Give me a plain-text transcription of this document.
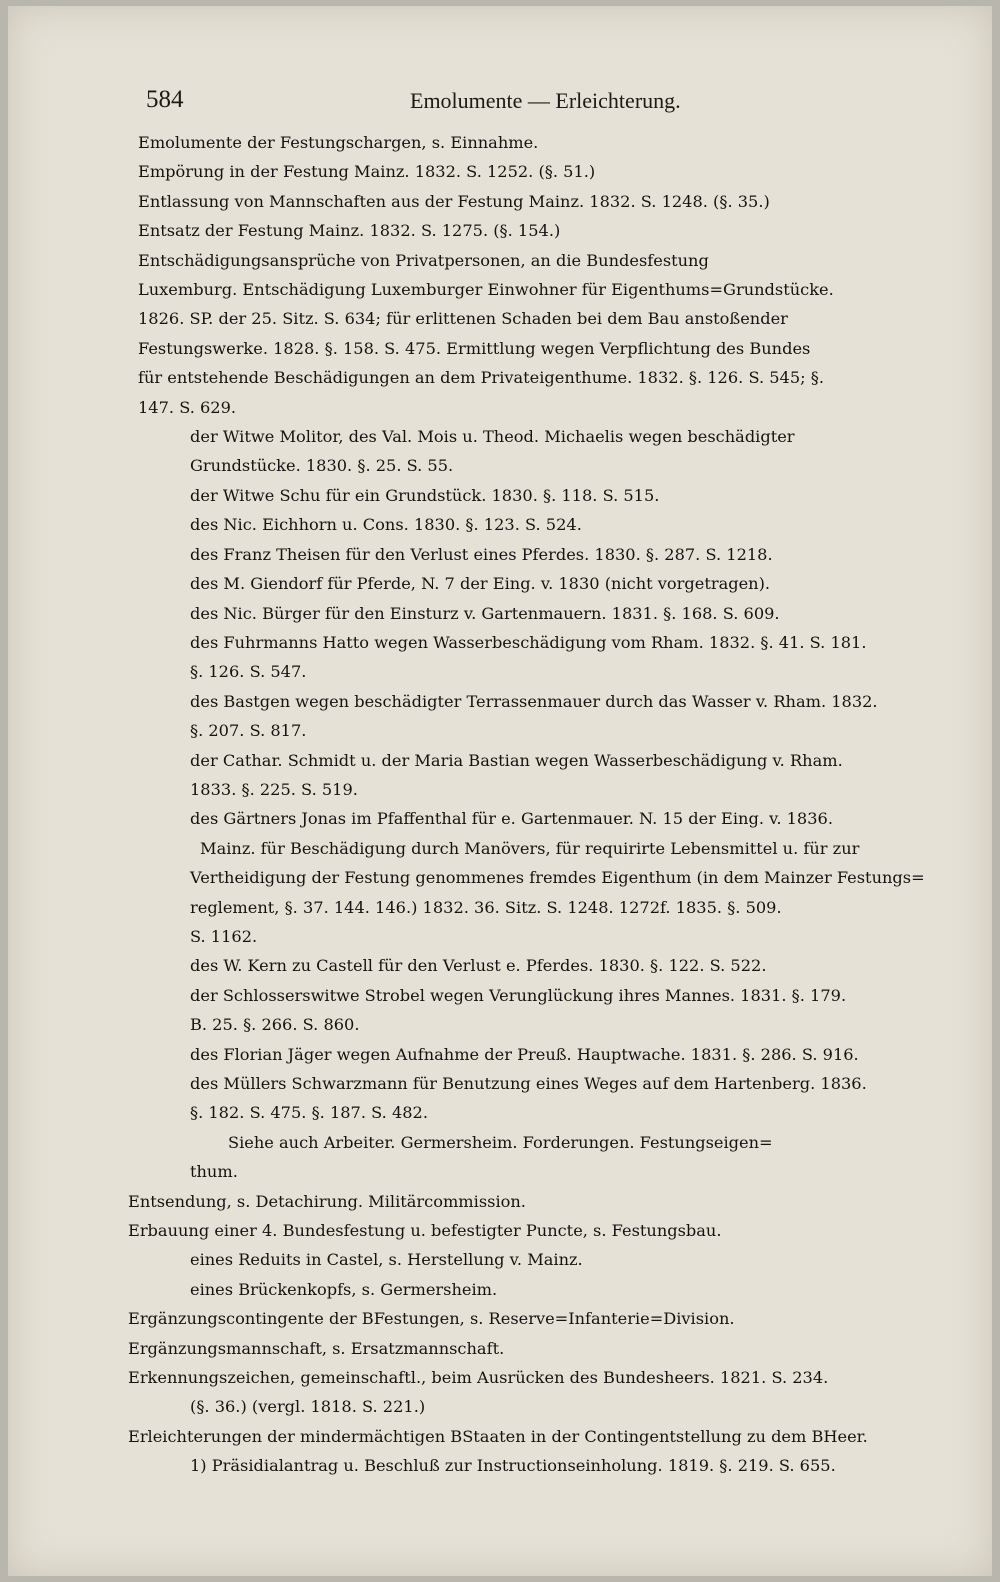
584	Emolumente — Erleichterung.

Emolumente der Festungschargen, s. Einnahme.

Empörung in der Festung Mainz. 1832. S. 1252. (§. 51.)

Entlassung von Mannschaften aus der Festung Mainz. 1832. S. 1248. (§. 35.)

Entsatz der Festung Mainz. 1832. S. 1275. (§. 154.)

Entschädigungsansprüche von Privatpersonen, an die Bundesfestung

Luxemburg. Entschädigung Luxemburger Einwohner für Eigenthums=Grundstücke.

1826. SP. der 25. Sitz. S. 634; für erlittenen Schaden bei dem Bau anstoßender

Festungswerke. 1828. §. 158. S. 475. Ermittlung wegen Verpflichtung des Bundes

für entstehende Beschädigungen an dem Privateigenthume. 1832. §. 126. S. 545; §.

147. S. 629.

der Witwe Molitor, des Val. Mois u. Theod. Michaelis wegen beschädigter

Grundstücke. 1830. §. 25. S. 55.

der Witwe Schu für ein Grundstück. 1830. §. 118. S. 515.

des Nic. Eichhorn u. Cons. 1830. §. 123. S. 524.

des Franz Theisen für den Verlust eines Pferdes. 1830. §. 287. S. 1218.

des M. Giendorf für Pferde, N. 7 der Eing. v. 1830 (nicht vorgetragen).

des Nic. Bürger für den Einsturz v. Gartenmauern. 1831. §. 168. S. 609.

des Fuhrmanns Hatto wegen Wasserbeschädigung vom Rham. 1832. §. 41. S. 181.

§. 126. S. 547.

des Bastgen wegen beschädigter Terrassenmauer durch das Wasser v. Rham. 1832.

§. 207. S. 817.

der Cathar. Schmidt u. der Maria Bastian wegen Wasserbeschädigung v. Rham.

1833. §. 225. S. 519.

des Gärtners Jonas im Pfaffenthal für e. Gartenmauer. N. 15 der Eing. v. 1836.

Mainz. für Beschädigung durch Manövers, für requirirte Lebensmittel u. für zur

Vertheidigung der Festung genommenes fremdes Eigenthum (in dem Mainzer Festungs=

reglement, §. 37. 144. 146.) 1832. 36. Sitz. S. 1248. 1272f. 1835. §. 509.

S. 1162.

des W. Kern zu Castell für den Verlust e. Pferdes. 1830. §. 122. S. 522.

der Schlosserswitwe Strobel wegen Verunglückung ihres Mannes. 1831. §. 179.

B. 25. §. 266. S. 860.

des Florian Jäger wegen Aufnahme der Preuß. Hauptwache. 1831. §. 286. S. 916.

des Müllers Schwarzmann für Benutzung eines Weges auf dem Hartenberg. 1836.

§. 182. S. 475. §. 187. S. 482.

Siehe auch Arbeiter. Germersheim. Forderungen. Festungseigen=

thum.

Entsendung, s. Detachirung. Militärcommission.

Erbauung einer 4. Bundesfestung u. befestigter Puncte, s. Festungsbau.

eines Reduits in Castel, s. Herstellung v. Mainz.

eines Brückenkopfs, s. Germersheim.

Ergänzungscontingente der BFestungen, s. Reserve=Infanterie=Division.

Ergänzungsmannschaft, s. Ersatzmannschaft.

Erkennungszeichen, gemeinschaftl., beim Ausrücken des Bundesheers. 1821. S. 234.

(§. 36.) (vergl. 1818. S. 221.)

Erleichterungen der mindermächtigen BStaaten in der Contingentstellung zu dem BHeer.

1) Präsidialantrag u. Beschluß zur Instructionseinholung. 1819. §. 219. S. 655.
